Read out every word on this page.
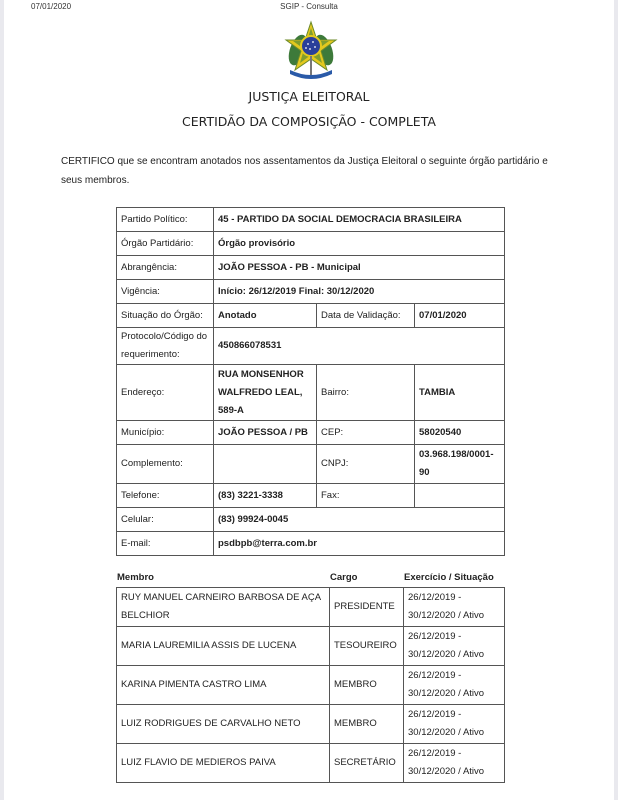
07/01/2020	SGIP - Consulta
JUSTIÇA ELEITORAL
CERTIDÃO DA COMPOSIÇÃO - COMPLETA
CERTIFICO que se encontram anotados nos assentamentos da Justiça Eleitoral o seguinte órgão partidário e seus membros.
Partido Político:	45 - PARTIDO DA SOCIAL DEMOCRACIA BRASILEIRA		
Órgão Partidário:	Órgão provisório		
Abrangência:	JOÃO PESSOA - PB - Municipal		
Vigência:	Início: 26/12/2019 Final: 30/12/2020		
Situação do Órgão:	Anotado	Data de Validação:	07/01/2020
Protocolo/Código do requerimento:	450866078531		
Endereço:	RUA MONSENHOR WALFREDO LEAL, 589-A	Bairro:	TAMBIA
Município:	JOÃO PESSOA / PB	CEP:	58020540
Complemento:		CNPJ:	03.968.198/0001-90
Telefone:	(83) 3221-3338	Fax:	
Celular:	(83) 99924-0045		
E-mail:	psdbpb@terra.com.br		
Membro	Cargo	Exercício / Situação
RUY MANUEL CARNEIRO BARBOSA DE AÇA BELCHIOR	PRESIDENTE	26/12/2019 - 30/12/2020 / Ativo
MARIA LAUREMILIA ASSIS DE LUCENA	TESOUREIRO	26/12/2019 - 30/12/2020 / Ativo
KARINA PIMENTA CASTRO LIMA	MEMBRO	26/12/2019 - 30/12/2020 / Ativo
LUIZ RODRIGUES DE CARVALHO NETO	MEMBRO	26/12/2019 - 30/12/2020 / Ativo
LUIZ FLAVIO DE MEDIEROS PAIVA	SECRETÁRIO	26/12/2019 - 30/12/2020 / Ativo
